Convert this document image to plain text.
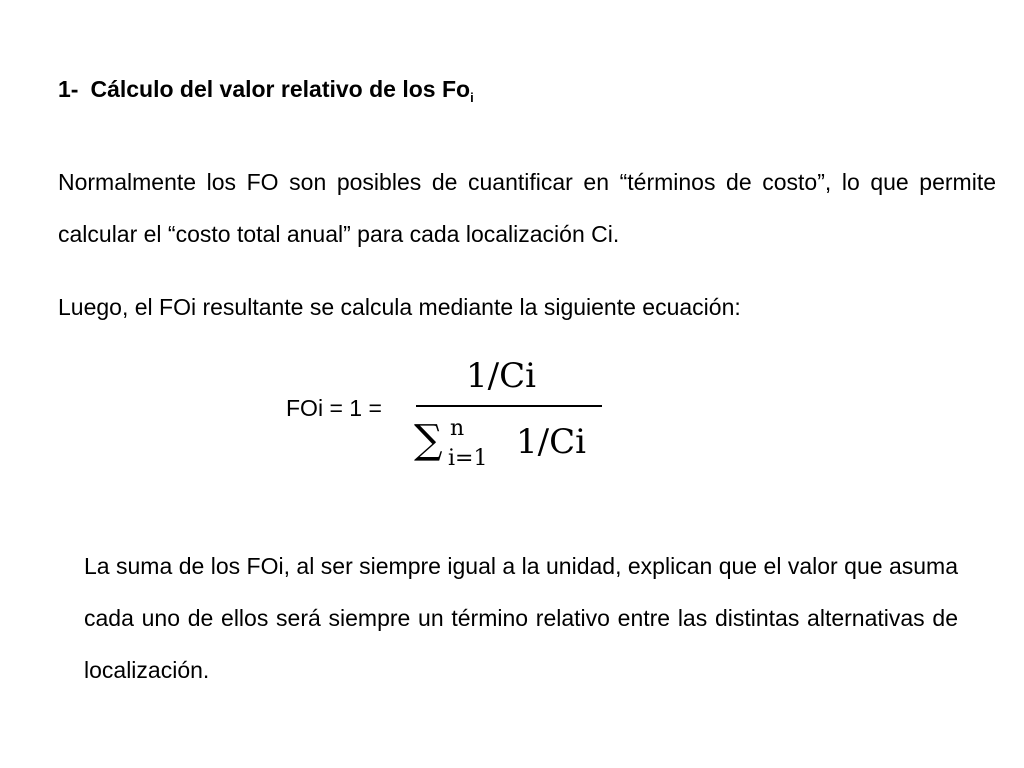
1- Cálculo del valor relativo de los $Fo_i$
Normalmente los FO son posibles de cuantificar en “términos de costo”, lo que permite calcular el “costo total anual” para cada localización Ci.
Luego, el FOi resultante se calcula mediante la siguiente ecuación:
FOi = 1 =
1/Ci
∑ n
i=1 1/Ci
La suma de los FOi, al ser siempre igual a la unidad, explican que el valor que asuma cada uno de ellos será siempre un término relativo entre las distintas alternativas de localización.
